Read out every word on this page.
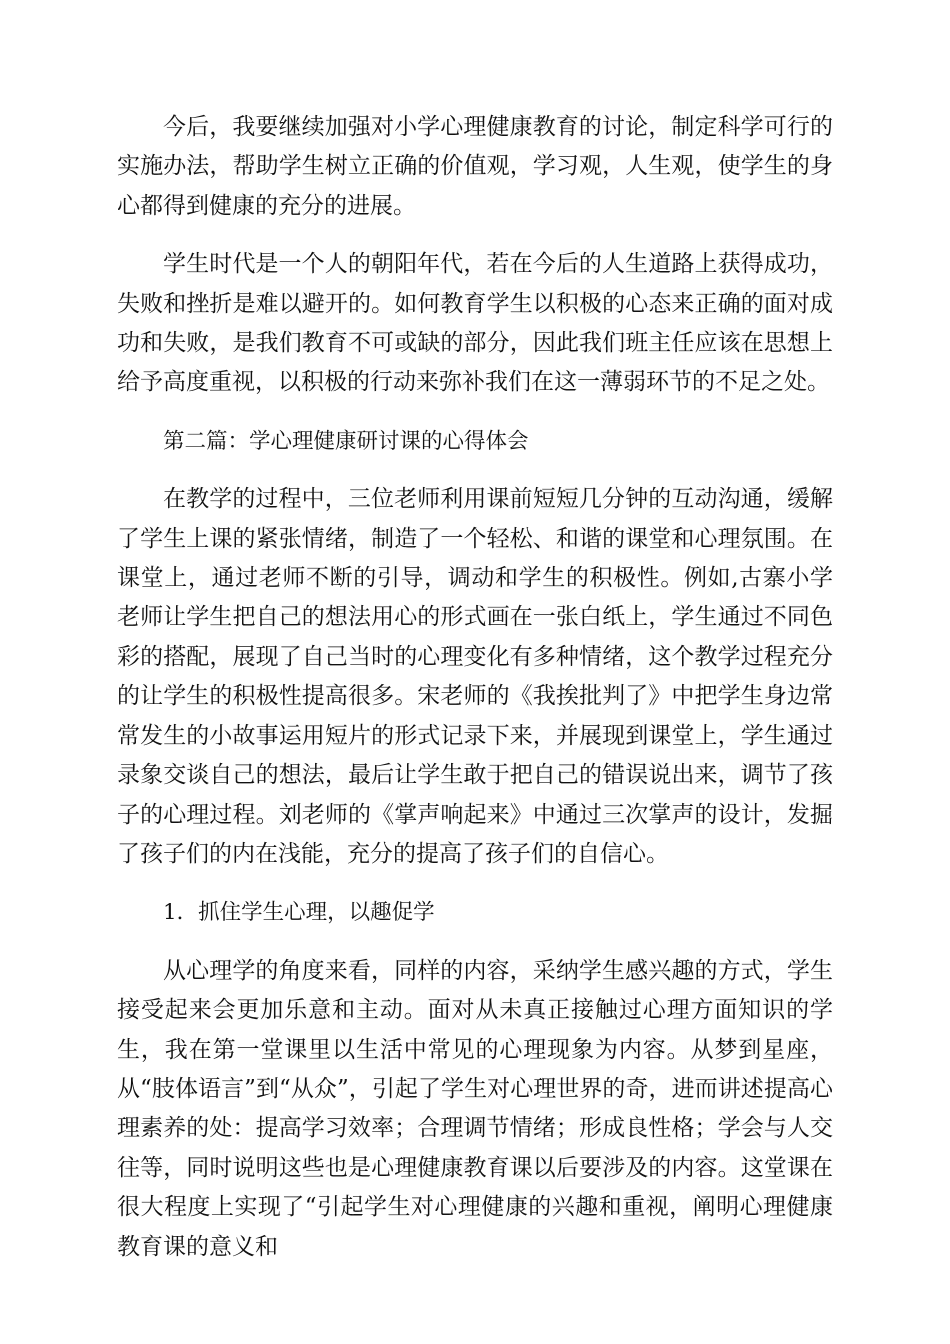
今后，我要继续加强对小学心理健康教育的讨论，制定科学可行的实施办法，帮助学生树立正确的价值观，学习观，人生观，使学生的身心都得到健康的充分的进展。

学生时代是一个人的朝阳年代，若在今后的人生道路上获得成功，失败和挫折是难以避开的。如何教育学生以积极的心态来正确的面对成功和失败，是我们教育不可或缺的部分，因此我们班主任应该在思想上给予高度重视，以积极的行动来弥补我们在这一薄弱环节的不足之处。

第二篇：学心理健康研讨课的心得体会

在教学的过程中，三位老师利用课前短短几分钟的互动沟通，缓解了学生上课的紧张情绪，制造了一个轻松、和谐的课堂和心理氛围。在课堂上，通过老师不断的引导，调动和学生的积极性。例如,古寨小学老师让学生把自己的想法用心的形式画在一张白纸上，学生通过不同色彩的搭配，展现了自己当时的心理变化有多种情绪，这个教学过程充分的让学生的积极性提高很多。宋老师的《我挨批判了》中把学生身边常常发生的小故事运用短片的形式记录下来，并展现到课堂上，学生通过录象交谈自己的想法，最后让学生敢于把自己的错误说出来，调节了孩子的心理过程。刘老师的《掌声响起来》中通过三次掌声的设计，发掘了孩子们的内在浅能，充分的提高了孩子们的自信心。

1．抓住学生心理，以趣促学

从心理学的角度来看，同样的内容，采纳学生感兴趣的方式，学生接受起来会更加乐意和主动。面对从未真正接触过心理方面知识的学生，我在第一堂课里以生活中常见的心理现象为内容。从梦到星座，从“肢体语言”到“从众”，引起了学生对心理世界的奇，进而讲述提高心理素养的处：提高学习效率；合理调节情绪；形成良性格；学会与人交往等，同时说明这些也是心理健康教育课以后要涉及的内容。这堂课在很大程度上实现了“引起学生对心理健康的兴趣和重视，阐明心理健康教育课的意义和
